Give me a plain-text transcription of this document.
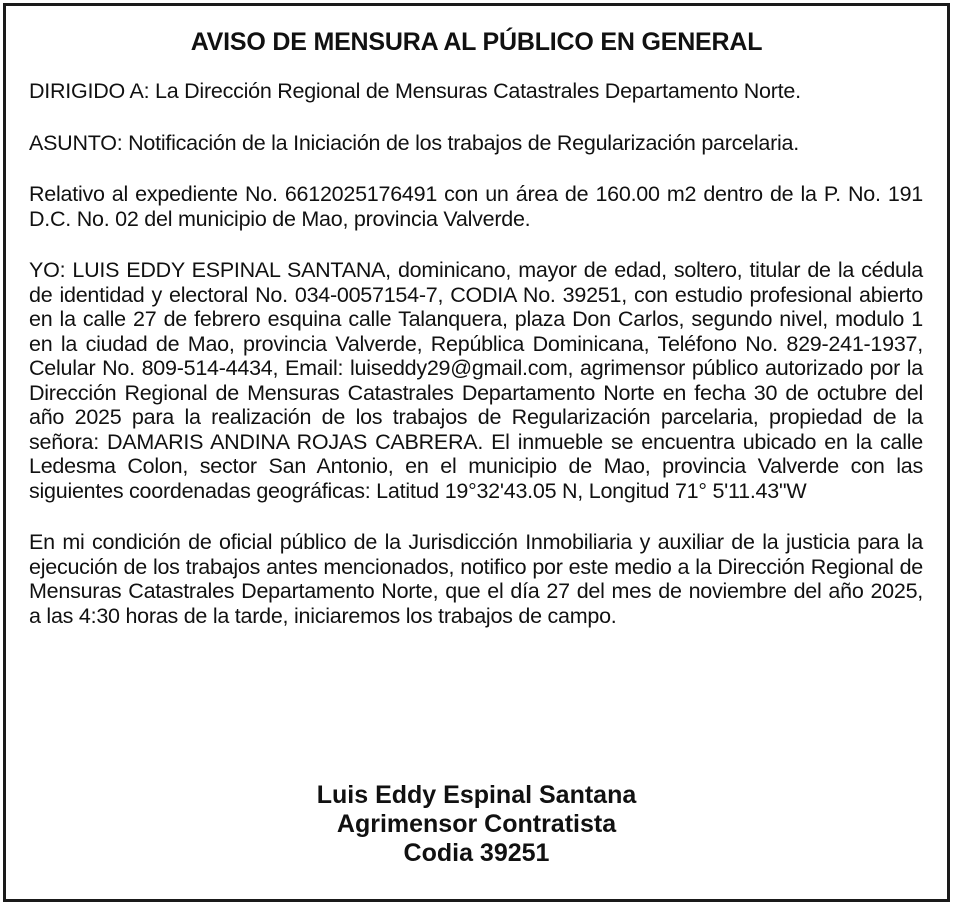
AVISO DE MENSURA AL PÚBLICO EN GENERAL

DIRIGIDO A: La Dirección Regional de Mensuras Catastrales Departamento Norte.

ASUNTO: Notificación de la Iniciación de los trabajos de Regularización parcelaria.

Relativo al expediente No. 6612025176491 con un área de 160.00 m2 dentro de la P. No. 191 D.C. No. 02 del municipio de Mao, provincia Valverde.

YO: LUIS EDDY ESPINAL SANTANA, dominicano, mayor de edad, soltero, titular de la cédula de identidad y electoral No. 034-0057154-7, CODIA No. 39251, con estudio profesional abierto en la calle 27 de febrero esquina calle Talanquera, plaza Don Carlos, segundo nivel, modulo 1 en la ciudad de Mao, provincia Valverde, República Dominicana, Teléfono No. 829-241-1937, Celular No. 809-514-4434, Email: luiseddy29@gmail.com, agrimensor público autorizado por la Dirección Regional de Mensuras Catastrales Departamento Norte en fecha 30 de octubre del año 2025 para la realización de los trabajos de Regularización parcelaria, propiedad de la señora: DAMARIS ANDINA ROJAS CABRERA. El inmueble se encuentra ubicado en la calle Ledesma Colon, sector San Antonio, en el municipio de Mao, provincia Valverde con las siguientes coordenadas geográficas: Latitud 19°32'43.05 N, Longitud 71° 5'11.43"W

En mi condición de oficial público de la Jurisdicción Inmobiliaria y auxiliar de la justicia para la ejecución de los trabajos antes mencionados, notifico por este medio a la Dirección Regional de Mensuras Catastrales Departamento Norte, que el día 27 del mes de noviembre del año 2025, a las 4:30 horas de la tarde, iniciaremos los trabajos de campo.

Luis Eddy Espinal Santana
Agrimensor Contratista
Codia 39251
